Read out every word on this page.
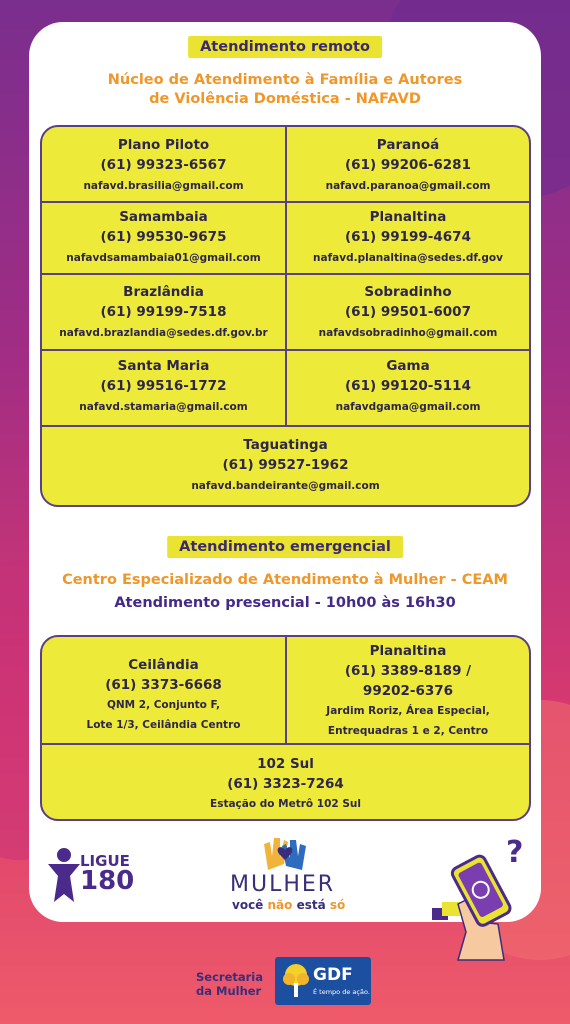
Atendimento remoto
Núcleo de Atendimento à Família e Autores
de Violência Doméstica - NAFAVD
Plano Piloto
(61) 99323-6567
nafavd.brasilia@gmail.com
Paranoá
(61) 99206-6281
nafavd.paranoa@gmail.com
Samambaia
(61) 99530-9675
nafavdsamambaia01@gmail.com
Planaltina
(61) 99199-4674
nafavd.planaltina@sedes.df.gov
Brazlândia
(61) 99199-7518
nafavd.brazlandia@sedes.df.gov.br
Sobradinho
(61) 99501-6007
nafavdsobradinho@gmail.com
Santa Maria
(61) 99516-1772
nafavd.stamaria@gmail.com
Gama
(61) 99120-5114
nafavdgama@gmail.com
Taguatinga
(61) 99527-1962
nafavd.bandeirante@gmail.com
Atendimento emergencial
Centro Especializado de Atendimento à Mulher - CEAM
Atendimento presencial - 10h00 às 16h30
Ceilândia
(61) 3373-6668
QNM 2, Conjunto F,
Lote 1/3, Ceilândia Centro
Planaltina
(61) 3389-8189 /
99202-6376
Jardim Roriz, Área Especial,
Entrequadras 1 e 2, Centro
102 Sul
(61) 3323-7264
Estação do Metrô 102 Sul
LIGUE
180	MULHER
você não está só
?
Secretaria
da Mulher
GDF
É tempo de ação.
